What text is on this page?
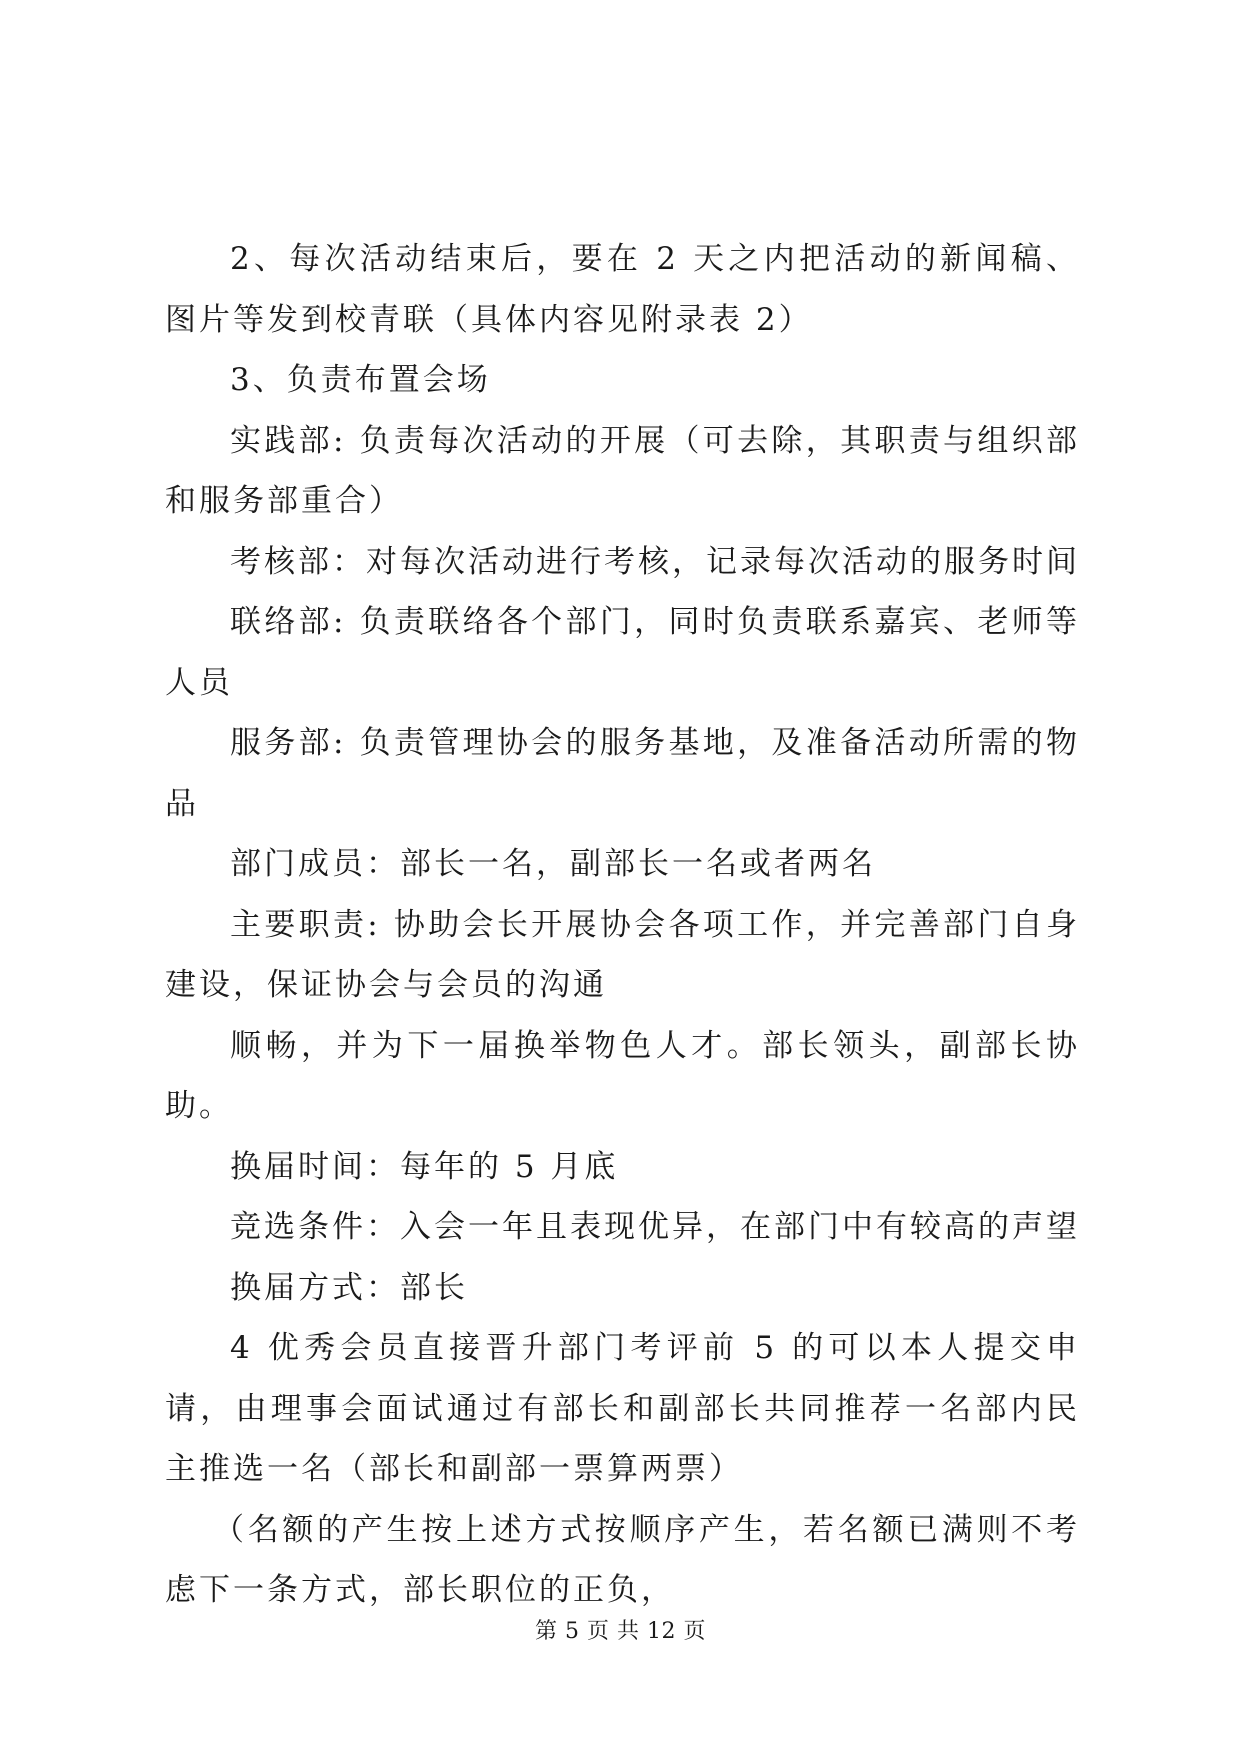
2、每次活动结束后，要在 2 天之内把活动的新闻稿、图片等发到校青联（具体内容见附录表 2）

3、负责布置会场

实践部: 负责每次活动的开展（可去除，其职责与组织部和服务部重合）

考核部：对每次活动进行考核，记录每次活动的服务时间

联络部: 负责联络各个部门，同时负责联系嘉宾、老师等人员

服务部: 负责管理协会的服务基地，及准备活动所需的物品

部门成员：部长一名，副部长一名或者两名

主要职责: 协助会长开展协会各项工作，并完善部门自身建设，保证协会与会员的沟通

顺畅，并为下一届换举物色人才。部长领头，副部长协助。

换届时间：每年的 5 月底

竞选条件：入会一年且表现优异，在部门中有较高的声望

换届方式：部长

4 优秀会员直接晋升部门考评前 5 的可以本人提交申请，由理事会面试通过有部长和副部长共同推荐一名部内民主推选一名（部长和副部一票算两票）

（名额的产生按上述方式按顺序产生，若名额已满则不考虑下一条方式，部长职位的正负，

第 5 页 共 12 页
